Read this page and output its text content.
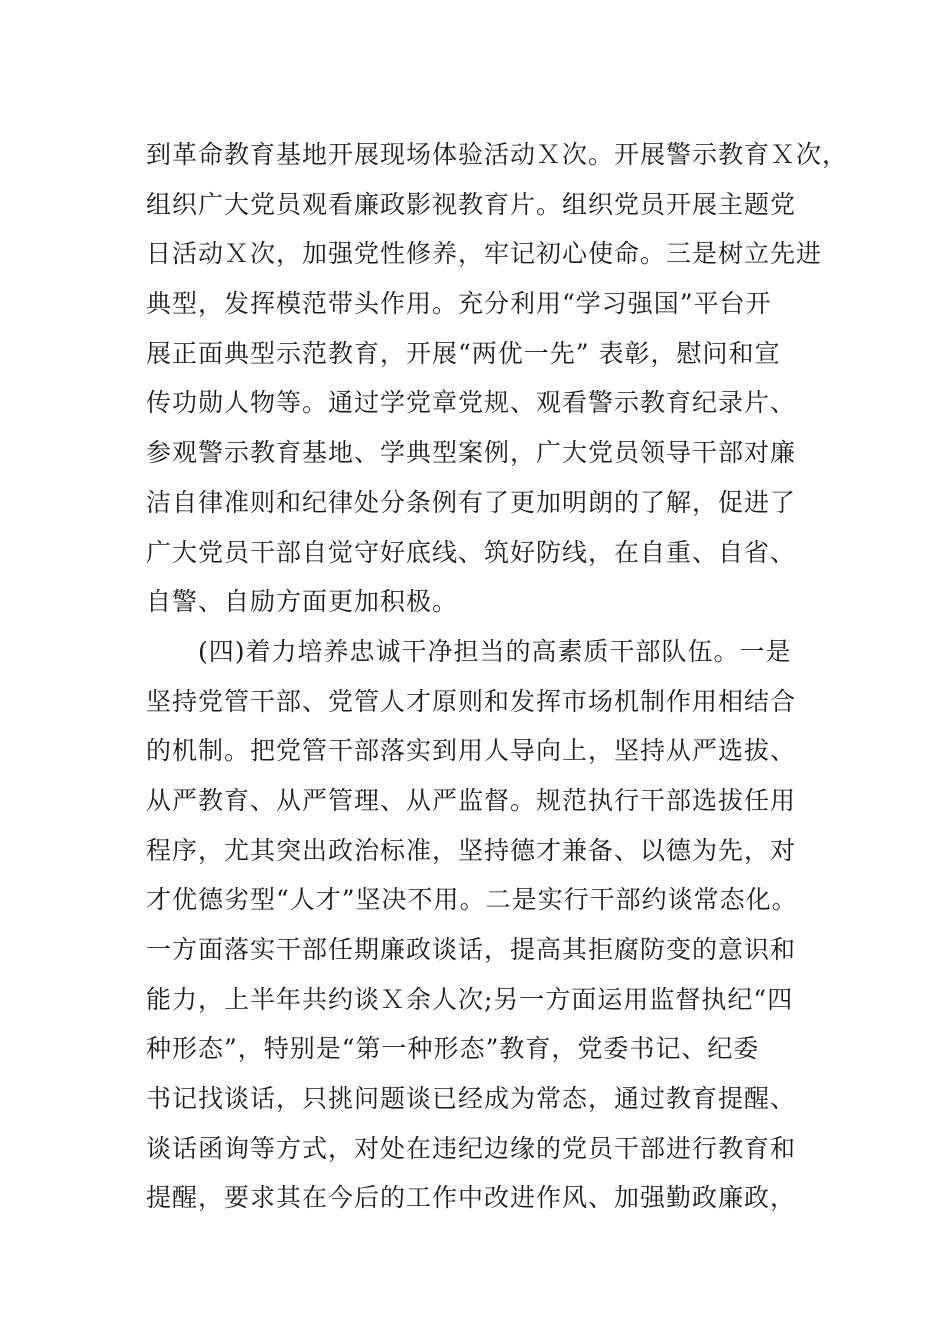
到革命教育基地开展现场体验活动Ｘ次。开展警示教育Ｘ次，
组织广大党员观看廉政影视教育片。组织党员开展主题党
日活动Ｘ次，加强党性修养，牢记初心使命。三是树立先进
典型，发挥模范带头作用。充分利用“学习强国”平台开
展正面典型示范教育，开展“两优一先” 表彰，慰问和宣
传功勋人物等。通过学党章党规、观看警示教育纪录片、
参观警示教育基地、学典型案例，广大党员领导干部对廉
洁自律准则和纪律处分条例有了更加明朗的了解，促进了
广大党员干部自觉守好底线、筑好防线，在自重、自省、
自警、自励方面更加积极。
(四)着力培养忠诚干净担当的高素质干部队伍。一是
坚持党管干部、党管人才原则和发挥市场机制作用相结合
的机制。把党管干部落实到用人导向上，坚持从严选拔、
从严教育、从严管理、从严监督。规范执行干部选拔任用
程序，尤其突出政治标准，坚持德才兼备、以德为先，对
才优德劣型“人才”坚决不用。二是实行干部约谈常态化。
一方面落实干部任期廉政谈话，提高其拒腐防变的意识和
能力，上半年共约谈Ｘ余人次;另一方面运用监督执纪“四
种形态”，特别是“第一种形态”教育，党委书记、纪委
书记找谈话，只挑问题谈已经成为常态，通过教育提醒、
谈话函询等方式，对处在违纪边缘的党员干部进行教育和
提醒，要求其在今后的工作中改进作风、加强勤政廉政，
